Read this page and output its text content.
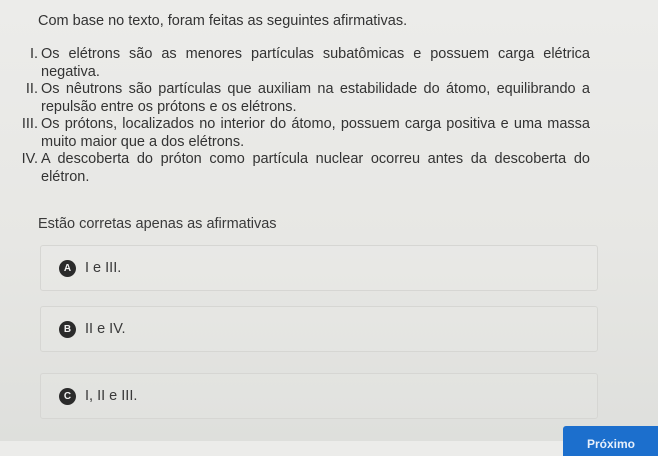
Com base no texto, foram feitas as seguintes afirmativas.
I. Os elétrons são as menores partículas subatômicas e possuem carga elétrica negativa.
II. Os nêutrons são partículas que auxiliam na estabilidade do átomo, equilibrando a repulsão entre os prótons e os elétrons.
III. Os prótons, localizados no interior do átomo, possuem carga positiva e uma massa muito maior que a dos elétrons.
IV. A descoberta do próton como partícula nuclear ocorreu antes da descoberta do elétron.

Estão corretas apenas as afirmativas

A I e III.
B II e IV.
C I, II e III.
Próximo
